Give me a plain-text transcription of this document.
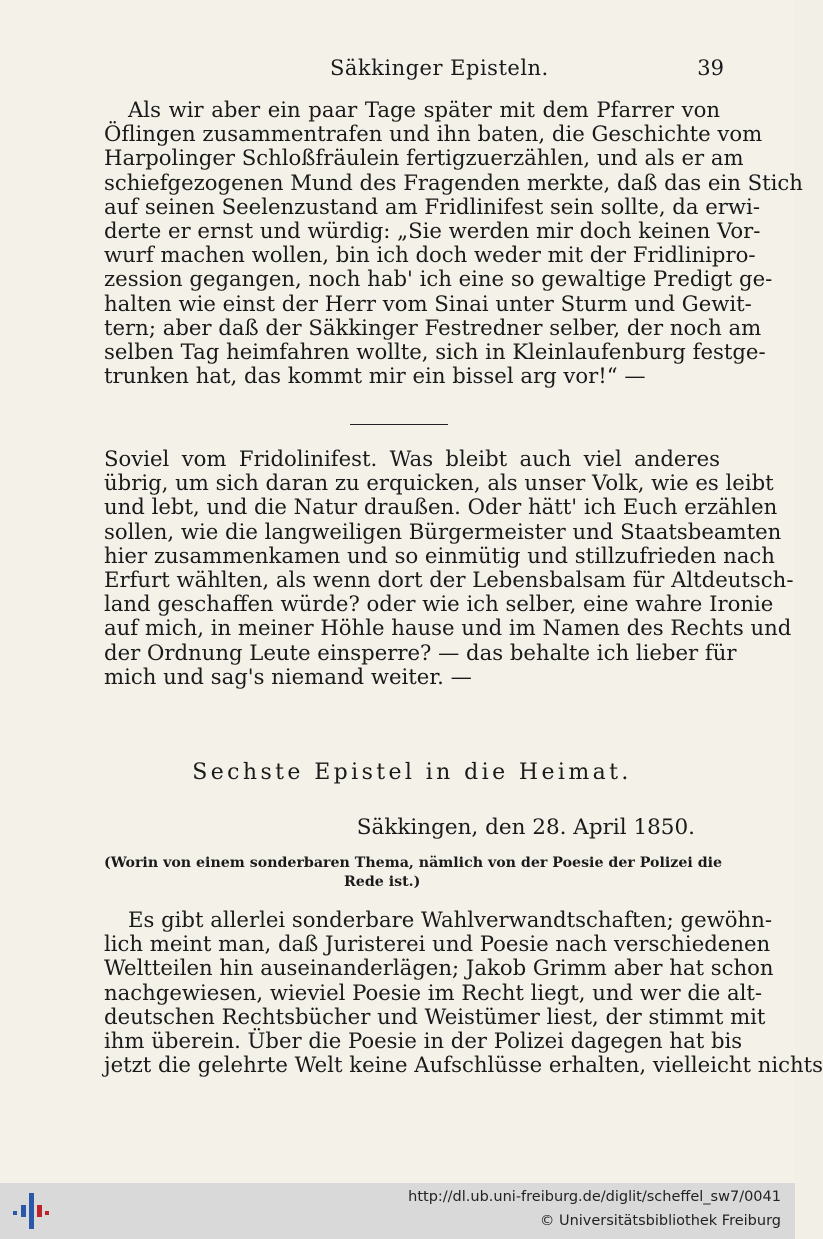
Säkkinger Episteln.	39

Als wir aber ein paar Tage später mit dem Pfarrer von
Öflingen zusammentrafen und ihn baten, die Geschichte vom
Harpolinger Schloßfräulein fertigzuerzählen, und als er am
schiefgezogenen Mund des Fragenden merkte, daß das ein Stich
auf seinen Seelenzustand am Fridlinifest sein sollte, da erwi-
derte er ernst und würdig: „Sie werden mir doch keinen Vor-
wurf machen wollen, bin ich doch weder mit der Fridlinipro-
zession gegangen, noch hab' ich eine so gewaltige Predigt ge-
halten wie einst der Herr vom Sinai unter Sturm und Gewit-
tern; aber daß der Säkkinger Festredner selber, der noch am
selben Tag heimfahren wollte, sich in Kleinlaufenburg festge-
trunken hat, das kommt mir ein bissel arg vor!“ —

Soviel vom Fridolinifest. Was bleibt auch viel anderes
übrig, um sich daran zu erquicken, als unser Volk, wie es leibt
und lebt, und die Natur draußen. Oder hätt' ich Euch erzählen
sollen, wie die langweiligen Bürgermeister und Staatsbeamten
hier zusammenkamen und so einmütig und stillzufrieden nach
Erfurt wählten, als wenn dort der Lebensbalsam für Altdeutsch-
land geschaffen würde? oder wie ich selber, eine wahre Ironie
auf mich, in meiner Höhle hause und im Namen des Rechts und
der Ordnung Leute einsperre? — das behalte ich lieber für
mich und sag's niemand weiter. —

Sechste Epistel in die Heimat.
Säkkingen, den 28. April 1850.
(Worin von einem sonderbaren Thema, nämlich von der Poesie der Polizei die
Rede ist.)

Es gibt allerlei sonderbare Wahlverwandtschaften; gewöhn-
lich meint man, daß Juristerei und Poesie nach verschiedenen
Weltteilen hin auseinanderlägen; Jakob Grimm aber hat schon
nachgewiesen, wieviel Poesie im Recht liegt, und wer die alt-
deutschen Rechtsbücher und Weistümer liest, der stimmt mit
ihm überein. Über die Poesie in der Polizei dagegen hat bis
jetzt die gelehrte Welt keine Aufschlüsse erhalten, vielleicht nichts

http://dl.ub.uni-freiburg.de/diglit/scheffel_sw7/0041
© Universitätsbibliothek Freiburg
